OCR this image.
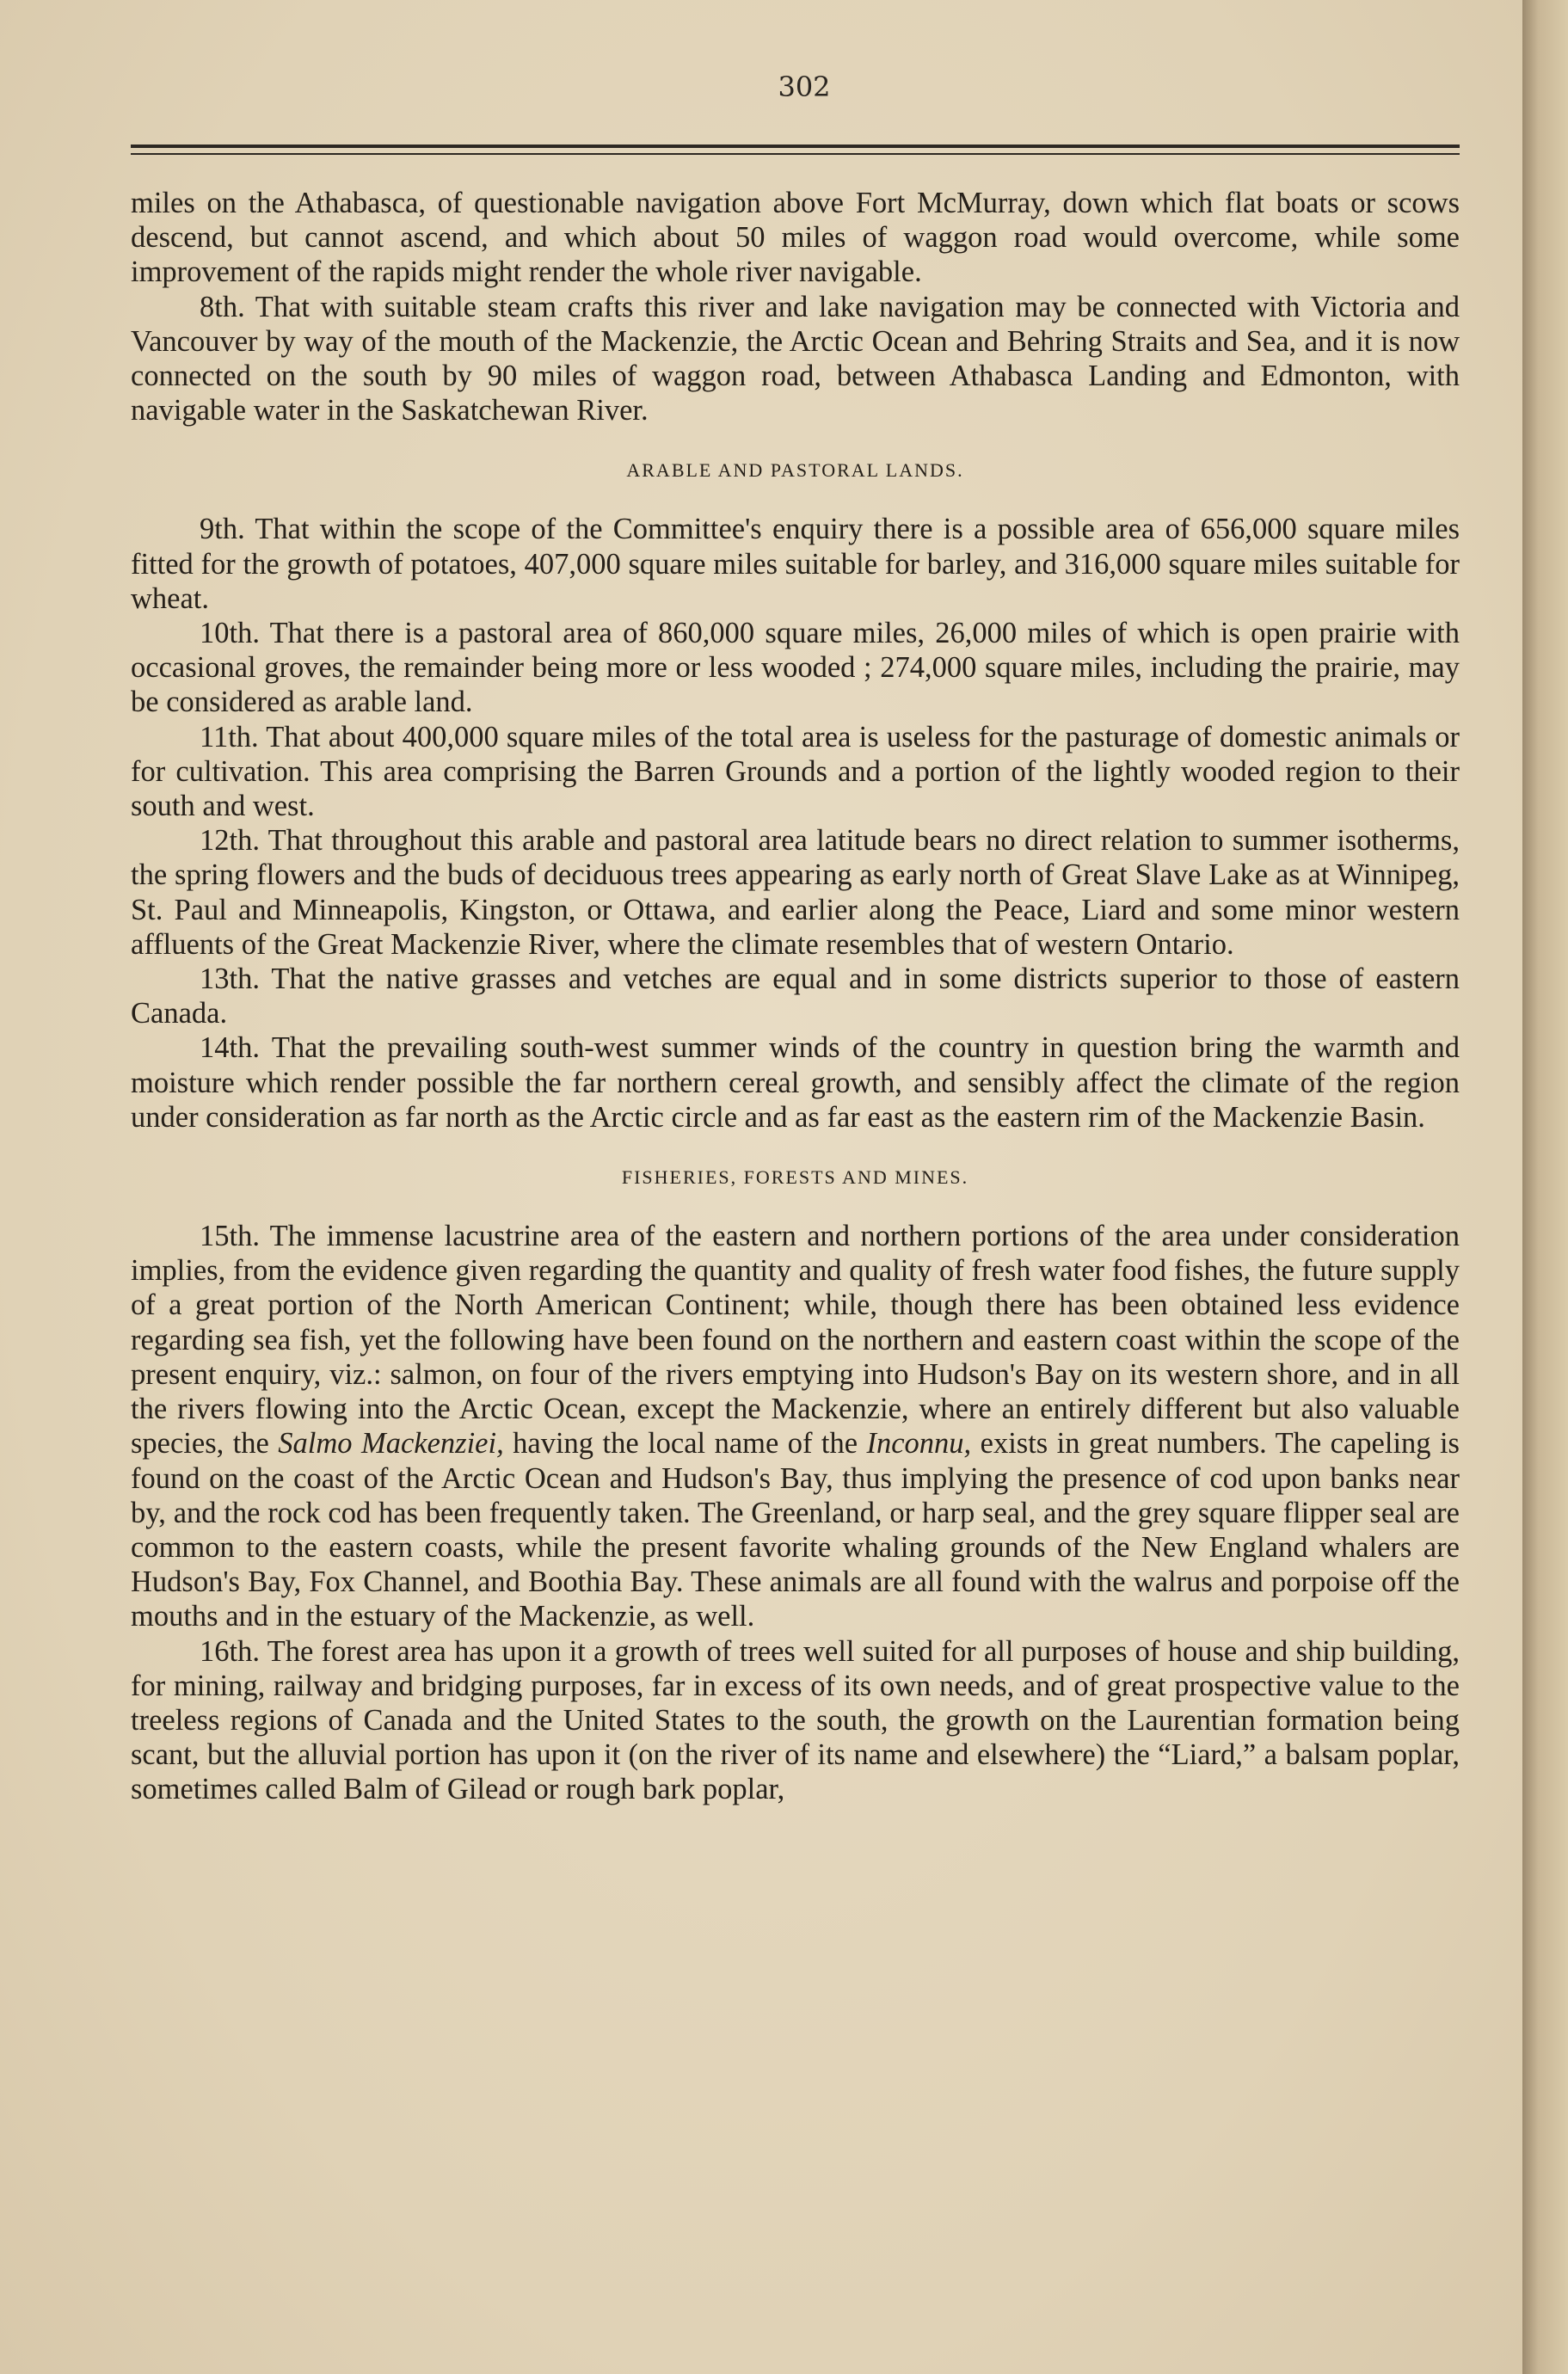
302

miles on the Athabasca, of questionable navigation above Fort McMurray, down which flat boats or scows descend, but cannot ascend, and which about 50 miles of waggon road would overcome, while some improvement of the rapids might render the whole river navigable.

8th. That with suitable steam crafts this river and lake navigation may be connected with Victoria and Vancouver by way of the mouth of the Mackenzie, the Arctic Ocean and Behring Straits and Sea, and it is now connected on the south by 90 miles of waggon road, between Athabasca Landing and Edmonton, with navigable water in the Saskatchewan River.

ARABLE AND PASTORAL LANDS.

9th. That within the scope of the Committee's enquiry there is a possible area of 656,000 square miles fitted for the growth of potatoes, 407,000 square miles suitable for barley, and 316,000 square miles suitable for wheat.

10th. That there is a pastoral area of 860,000 square miles, 26,000 miles of which is open prairie with occasional groves, the remainder being more or less wooded ; 274,000 square miles, including the prairie, may be considered as arable land.

11th. That about 400,000 square miles of the total area is useless for the pasturage of domestic animals or for cultivation. This area comprising the Barren Grounds and a portion of the lightly wooded region to their south and west.

12th. That throughout this arable and pastoral area latitude bears no direct relation to summer isotherms, the spring flowers and the buds of deciduous trees appearing as early north of Great Slave Lake as at Winnipeg, St. Paul and Minneapolis, Kingston, or Ottawa, and earlier along the Peace, Liard and some minor western affluents of the Great Mackenzie River, where the climate resembles that of western Ontario.

13th. That the native grasses and vetches are equal and in some districts superior to those of eastern Canada.

14th. That the prevailing south-west summer winds of the country in question bring the warmth and moisture which render possible the far northern cereal growth, and sensibly affect the climate of the region under consideration as far north as the Arctic circle and as far east as the eastern rim of the Mackenzie Basin.

FISHERIES, FORESTS AND MINES.

15th. The immense lacustrine area of the eastern and northern portions of the area under consideration implies, from the evidence given regarding the quantity and quality of fresh water food fishes, the future supply of a great portion of the North American Continent; while, though there has been obtained less evidence regarding sea fish, yet the following have been found on the northern and eastern coast within the scope of the present enquiry, viz.: salmon, on four of the rivers emptying into Hudson's Bay on its western shore, and in all the rivers flowing into the Arctic Ocean, except the Mackenzie, where an entirely different but also valuable species, the Salmo Mackenziei, having the local name of the Inconnu, exists in great numbers. The capeling is found on the coast of the Arctic Ocean and Hudson's Bay, thus implying the presence of cod upon banks near by, and the rock cod has been frequently taken. The Greenland, or harp seal, and the grey square flipper seal are common to the eastern coasts, while the present favorite whaling grounds of the New England whalers are Hudson's Bay, Fox Channel, and Boothia Bay. These animals are all found with the walrus and porpoise off the mouths and in the estuary of the Mackenzie, as well.

16th. The forest area has upon it a growth of trees well suited for all purposes of house and ship building, for mining, railway and bridging purposes, far in excess of its own needs, and of great prospective value to the treeless regions of Canada and the United States to the south, the growth on the Laurentian formation being scant, but the alluvial portion has upon it (on the river of its name and elsewhere) the “Liard,” a balsam poplar, sometimes called Balm of Gilead or rough bark poplar,
